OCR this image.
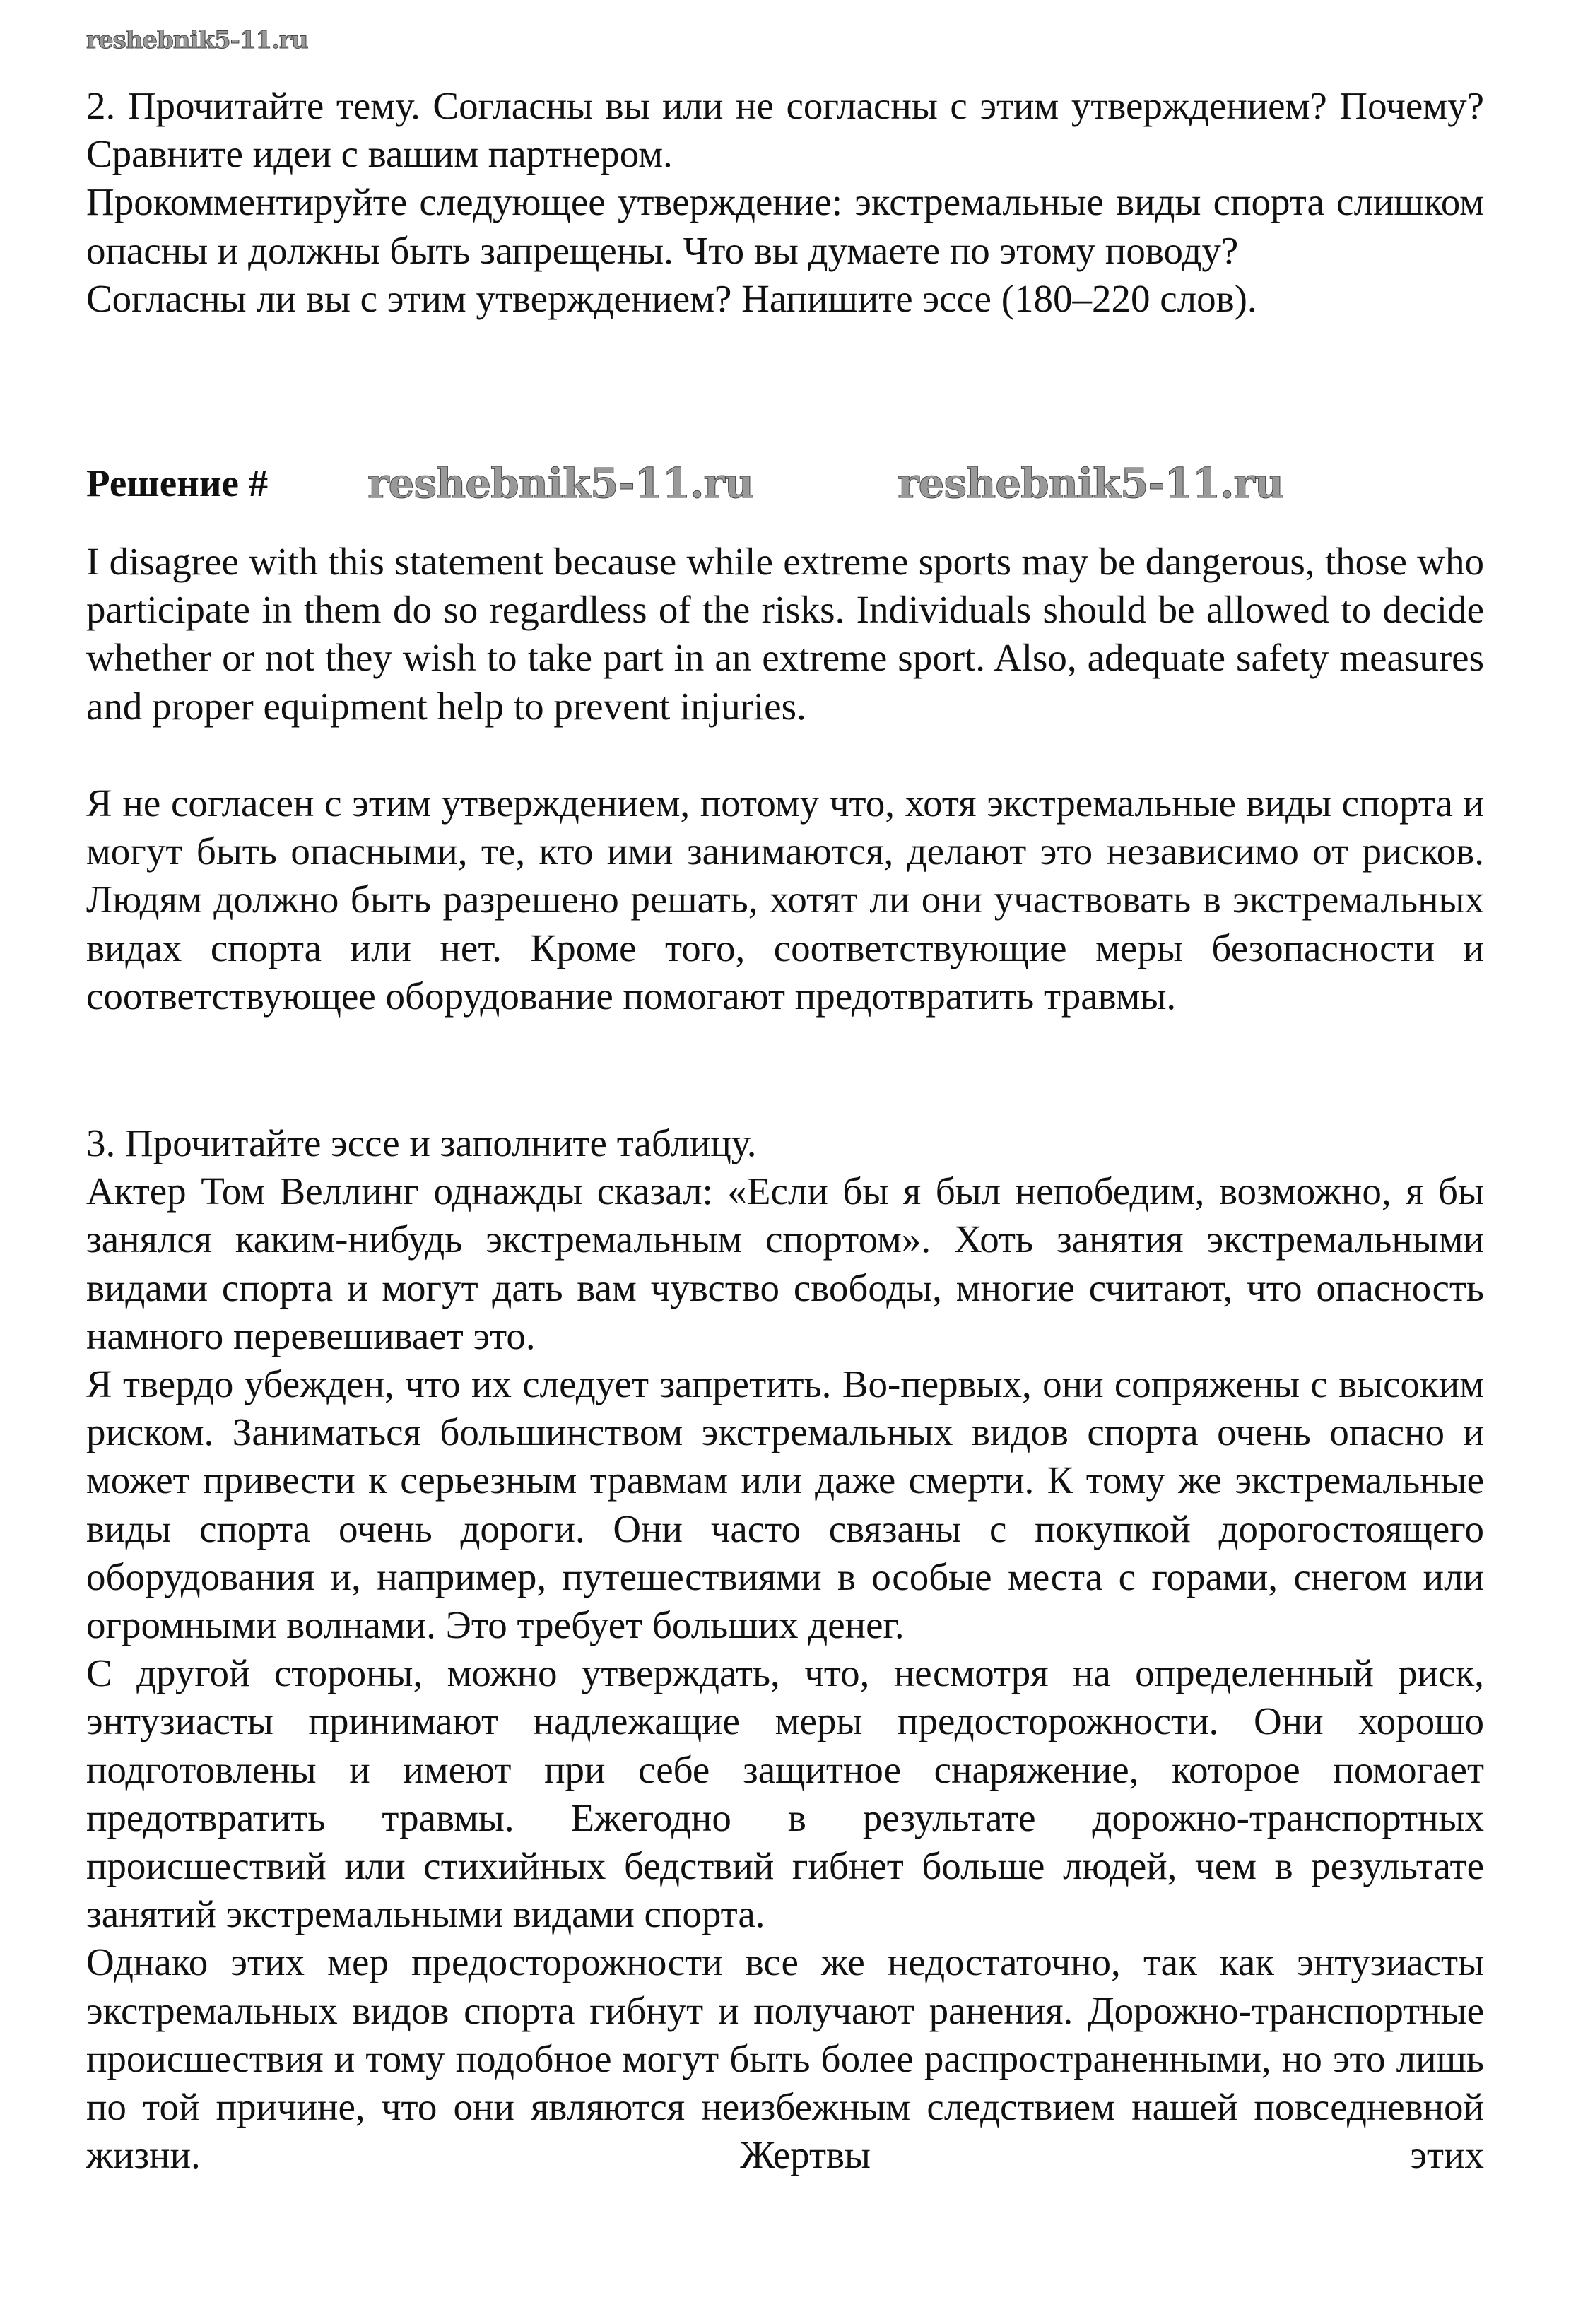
2. Прочитайте тему. Согласны вы или не согласны с этим утверждением? Почему? Сравните идеи с вашим партнером.

Прокомментируйте следующее утверждение: экстремальные виды спорта слишком опасны и должны быть запрещены. Что вы думаете по этому поводу?

Согласны ли вы с этим утверждением? Напишите эссе (180–220 слов).

Решение #

I disagree with this statement because while extreme sports may be dangerous, those who participate in them do so regardless of the risks. Individuals should be allowed to decide whether or not they wish to take part in an extreme sport. Also, adequate safety measures and proper equipment help to prevent injuries.

Я не согласен с этим утверждением, потому что, хотя экстремальные виды спорта и могут быть опасными, те, кто ими занимаются, делают это независимо от рисков. Людям должно быть разрешено решать, хотят ли они участвовать в экстремальных видах спорта или нет. Кроме того, соответствующие меры безопасности и соответствующее оборудование помогают предотвратить травмы.

3. Прочитайте эссе и заполните таблицу.

Актер Том Веллинг однажды сказал: «Если бы я был непобедим, возможно, я бы занялся каким-нибудь экстремальным спортом». Хоть занятия экстремальными видами спорта и могут дать вам чувство свободы, многие считают, что опасность намного перевешивает это.

Я твердо убежден, что их следует запретить. Во-первых, они сопряжены с высоким риском. Заниматься большинством экстремальных видов спорта очень опасно и может привести к серьезным травмам или даже смерти. К тому же экстремальные виды спорта очень дороги. Они часто связаны с покупкой дорогостоящего оборудования и, например, путешествиями в особые места с горами, снегом или огромными волнами. Это требует больших денег.

С другой стороны, можно утверждать, что, несмотря на определенный риск, энтузиасты принимают надлежащие меры предосторожности. Они хорошо подготовлены и имеют при себе защитное снаряжение, которое помогает предотвратить травмы. Ежегодно в результате дорожно-транспортных происшествий или стихийных бедствий гибнет больше людей, чем в результате занятий экстремальными видами спорта.

Однако этих мер предосторожности все же недостаточно, так как энтузиасты экстремальных видов спорта гибнут и получают ранения. Дорожно-транспортные происшествия и тому подобное могут быть более распространенными, но это лишь по той причине, что они являются неизбежным следствием нашей повседневной жизни. Жертвы этих

reshebnik5-11.ru
reshebnik5-11.ru	reshebnik5-11.ru
